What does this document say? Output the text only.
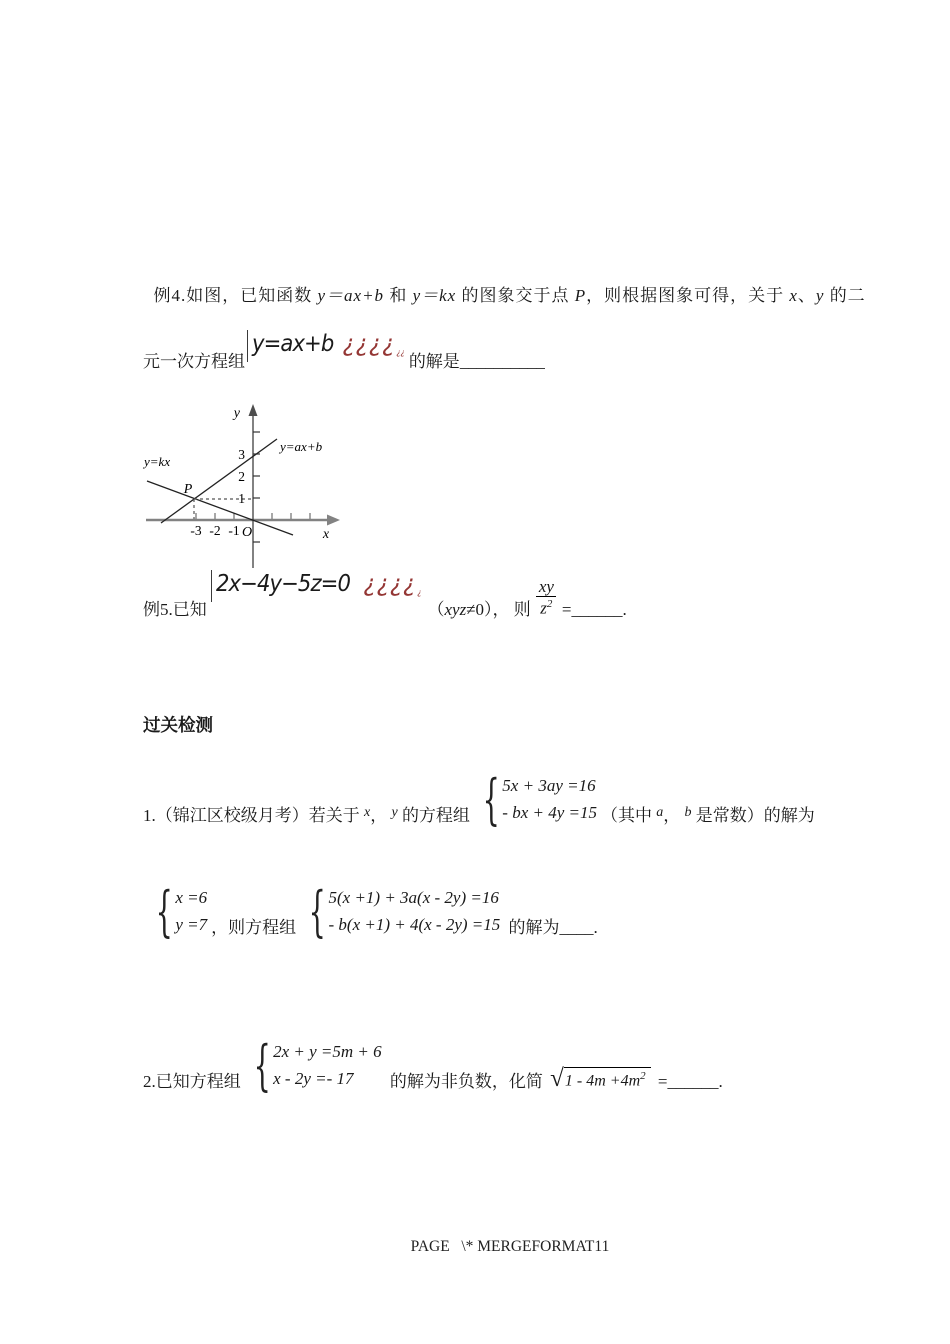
例4.如图，已知函数 y＝ax+b 和 y＝kx 的图象交于点 P，则根据图象可得，关于 x、y 的二

元一次方程组
y=ax+b ¿¿¿¿ ¿¿ 的解是 __________
y
x
3
2
1
-3 -2 -1 O
P
y=ax+b
y=kx
例5.已知
2x−4y−5z=0 ¿¿¿¿ ¿
（ xyz ≠0）， 则 $\frac{xy}{z^2}$ = ______ .
过关检测
1.（锦江区校级月考）若关于 $^x$ ， $^y$ 的方程组 { 5x + 3ay =16
- bx + 4y =15 （其中 $^a$ ， $^b$ 是常数）的解为
{ x =6
y =7 ，则方程组 { 5(x +1) + 3a(x - 2y) =16
- b(x +1) + 4(x - 2y) =15 的解为 ____ .
2.已知方程组 { 2x + y =5m + 6
x - 2y =- 17	的解为非负数，化简 √ $1 - 4m +4m^2$ = ______ .
PAGE   \* MERGEFORMAT11
